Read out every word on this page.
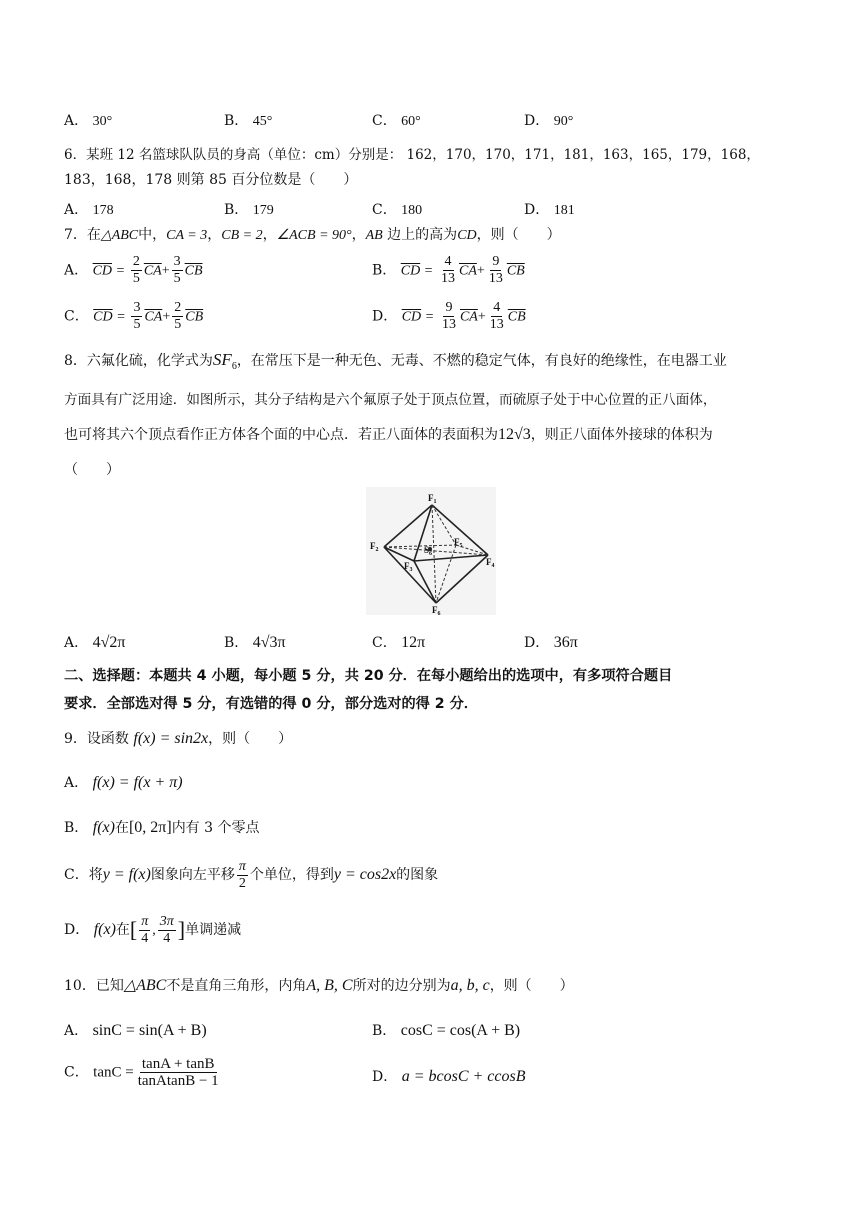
A． 30°	B． 45°	C． 60°	D． 90°
6．某班 12 名篮球队队员的身高（单位：cm）分别是： 162，170，170，171，181，163，165，179，168，
183，168，178 则第 85 百分位数是（　　）
A． 178	B． 179	C． 180	D． 181
7．在△ABC中，CA = 3，CB = 2，∠ACB = 90°，AB 边上的高为CD，则（　　）
A． $\overline{CD} = \frac{2}{5} \overline{CA}+ \frac{3}{5} \overline{CB}$	B． $\overline{CD} = \frac{4}{13} \overline{CA}+ \frac{9}{13} \overline{CB}$
C． $\overline{CD} = \frac{3}{5} \overline{CA}+ \frac{2}{5} \overline{CB}$	D． $\overline{CD} = \frac{9}{13} \overline{CA}+ \frac{4}{13} \overline{CB}$
8．六氟化硫，化学式为$SF_6$，在常压下是一种无色、无毒、不燃的稳定气体，有良好的绝缘性，在电器工业
方面具有广泛用途．如图所示，其分子结构是六个氟原子处于顶点位置，而硫原子处于中心位置的正八面体，
也可将其六个顶点看作正方体各个面的中心点．若正八面体的表面积为12√3，则正八面体外接球的体积为
（　　）
$F_1$
$F_2$
$F_3$
$F_4$
$F_5$
$F_6$
$S_6$
A． 4√2π	B． 4√3π	C． 12π	D． 36π
二、选择题：本题共 4 小题，每小题 5 分，共 20 分．在每小题给出的选项中，有多项符合题目
要求．全部选对得 5 分，有选错的得 0 分，部分选对的得 2 分．
9．设函数 f(x) = sin2x，则（　　）
A． f(x) = f(x + π)
B． f(x)在[0, 2π]内有 3 个零点
C．将y = f(x)图象向左平移 $\frac{\pi}{2}$ 个单位，得到y = cos2x的图象
D． f(x)在[ $\frac{\pi}{4}$ , $\frac{3\pi}{4}$ ]单调递减
10．已知△ABC不是直角三角形，内角A, B, C所对的边分别为a, b, c，则（　　）
A． sinC = sin(A + B)	B． cosC = cos(A + B)
C． $\tan C = \frac{\tan A + \tan B}{\text{tanAtanB − 1}}$	D． a = bcosC + ccosB
